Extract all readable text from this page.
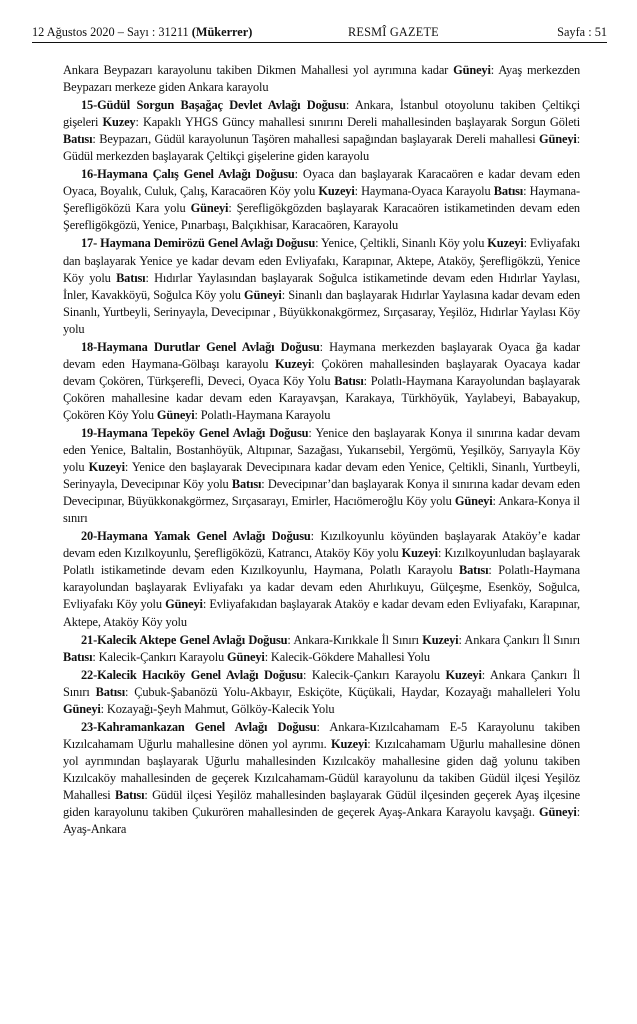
12 Ağustos 2020 – Sayı : 31211 (Mükerrer)	RESMÎ GAZETE	Sayfa : 51

Ankara Beypazarı karayolunu takiben Dikmen Mahallesi yol ayrımına kadar Güneyi: Ayaş merkezden Beypazarı merkeze giden Ankara karayolu

15-Güdül Sorgun Başağaç Devlet Avlağı Doğusu: Ankara, İstanbul otoyolunu takiben Çeltikçi gişeleri Kuzey: Kapaklı YHGS Güncy mahallesi sınırını Dereli mahallesinden başlayarak Sorgun Göleti Batısı: Beypazarı, Güdül karayolunun Taşören mahallesi sapağından başlayarak Dereli mahallesi Güneyi: Güdül merkezden başlayarak Çeltikçi gişelerine giden karayolu

16-Haymana Çalış Genel Avlağı Doğusu: Oyaca dan başlayarak Karacaören e kadar devam eden Oyaca, Boyalık, Culuk, Çalış, Karacaören Köy yolu Kuzeyi: Haymana-Oyaca Karayolu Batısı: Haymana-Şerefligöközü Kara yolu Güneyi: Şerefligökgözden başlayarak Karacaören istikametinden devam eden Şerefligökgözü, Yenice, Pınarbaşı, Balçıkhisar, Karacaören, Karayolu

17- Haymana Demirözü Genel Avlağı Doğusu: Yenice, Çeltikli, Sinanlı Köy yolu Kuzeyi: Evliyafakı dan başlayarak Yenice ye kadar devam eden Evliyafakı, Karapınar, Aktepe, Ataköy, Şerefligökzü, Yenice Köy yolu Batısı: Hıdırlar Yaylasından başlayarak Soğulca istikametinde devam eden Hıdırlar Yaylası, İnler, Kavakköyü, Soğulca Köy yolu Güneyi: Sinanlı dan başlayarak Hıdırlar Yaylasına kadar devam eden Sinanlı, Yurtbeyli, Serinyayla, Devecipınar , Büyükkonakgörmez, Sırçasaray, Yeşilöz, Hıdırlar Yaylası Köy yolu

18-Haymana Durutlar Genel Avlağı Doğusu: Haymana merkezden başlayarak Oyaca ğa kadar devam eden Haymana-Gölbaşı karayolu Kuzeyi: Çokören mahallesinden başlayarak Oyacaya kadar devam Çokören, Türkşerefli, Deveci, Oyaca Köy Yolu Batısı: Polatlı-Haymana Karayolundan başlayarak Çokören mahallesine kadar devam eden Karayavşan, Karakaya, Türkhöyük, Yaylabeyi, Babayakup, Çokören Köy Yolu Güneyi: Polatlı-Haymana Karayolu

19-Haymana Tepeköy Genel Avlağı Doğusu: Yenice den başlayarak Konya il sınırına kadar devam eden Yenice, Baltalin, Bostanhöyük, Altıpınar, Sazağası, Yukarısebil, Yergömü, Yeşilköy, Sarıyayla Köy yolu Kuzeyi: Yenice den başlayarak Devecipınara kadar devam eden Yenice, Çeltikli, Sinanlı, Yurtbeyli, Serinyayla, Devecipınar Köy yolu Batısı: Devecipınar’dan başlayarak Konya il sınırına kadar devam eden Devecipınar, Büyükkonakgörmez, Sırçasarayı, Emirler, Hacıömeroğlu Köy yolu Güneyi: Ankara-Konya il sınırı

20-Haymana Yamak Genel Avlağı Doğusu: Kızılkoyunlu köyünden başlayarak Ataköy’e kadar devam eden Kızılkoyunlu, Şerefligöközü, Katrancı, Ataköy Köy yolu Kuzeyi: Kızılkoyunludan başlayarak Polatlı istikametinde devam eden Kızılkoyunlu, Haymana, Polatlı Karayolu Batısı: Polatlı-Haymana karayolundan başlayarak Evliyafakı ya kadar devam eden Ahırlıkuyu, Gülçeşme, Esenköy, Soğulca, Evliyafakı Köy yolu Güneyi: Evliyafakıdan başlayarak Ataköy e kadar devam eden Evliyafakı, Karapınar, Aktepe, Ataköy Köy yolu

21-Kalecik Aktepe Genel Avlağı Doğusu: Ankara-Kırıkkale İl Sınırı Kuzeyi: Ankara Çankırı İl Sınırı Batısı: Kalecik-Çankırı Karayolu Güneyi: Kalecik-Gökdere Mahallesi Yolu

22-Kalecik Hacıköy Genel Avlağı Doğusu: Kalecik-Çankırı Karayolu Kuzeyi: Ankara Çankırı İl Sınırı Batısı: Çubuk-Şabanözü Yolu-Akbayır, Eskiçöte, Küçükali, Haydar, Kozayağı mahalleleri Yolu Güneyi: Kozayağı-Şeyh Mahmut, Gölköy-Kalecik Yolu

23-Kahramankazan Genel Avlağı Doğusu: Ankara-Kızılcahamam E-5 Karayolunu takiben Kızılcahamam Uğurlu mahallesine dönen yol ayrımı. Kuzeyi: Kızılcahamam Uğurlu mahallesine dönen yol ayrımından başlayarak Uğurlu mahallesinden Kızılcaköy mahallesine giden dağ yolunu takiben Kızılcaköy mahallesinden de geçerek Kızılcahamam-Güdül karayolunu da takiben Güdül ilçesi Yeşilöz Mahallesi Batısı: Güdül ilçesi Yeşilöz mahallesinden başlayarak Güdül ilçesinden geçerek Ayaş ilçesine giden karayolunu takiben Çukurören mahallesinden de geçerek Ayaş-Ankara Karayolu kavşağı. Güneyi: Ayaş-Ankara
